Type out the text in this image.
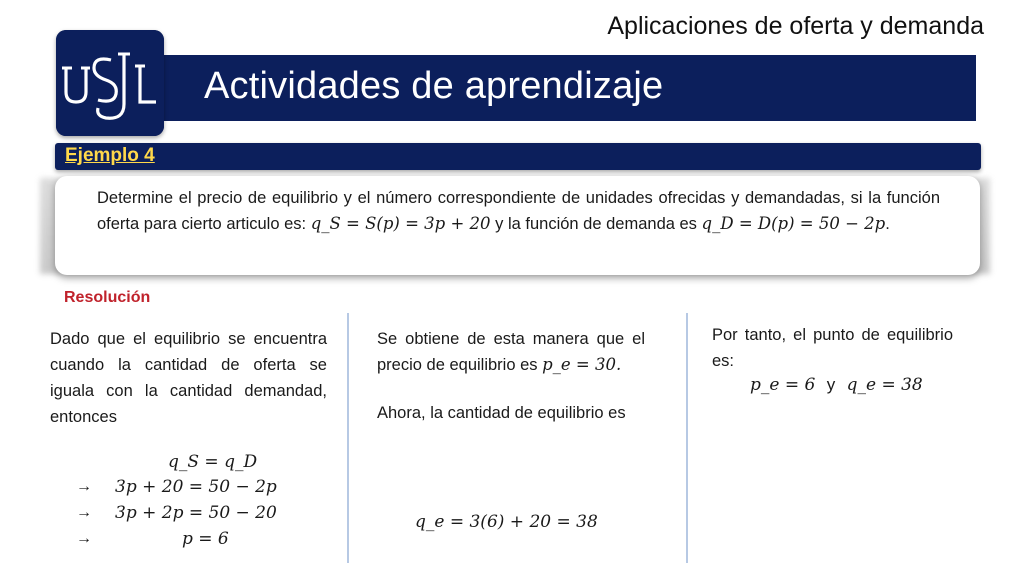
Aplicaciones de oferta y demanda
Actividades de aprendizaje
Ejemplo 4

Determine el precio de equilibrio y el número correspondiente de unidades ofrecidas y demandadas, si la función oferta para cierto articulo es: q_S = S(p) = 3p + 20 y la función de demanda es q_D = D(p) = 50 − 2p.

Resolución

Dado que el equilibrio se encuentra cuando la cantidad de oferta se iguala con la cantidad demandad, entonces

q_S = q_D
→ 3p + 20 = 50 − 2p
→ 3p + 2p = 50 − 20
→	p = 6

Se obtiene de esta manera que el precio de equilibrio es p_e = 30.

Ahora, la cantidad de equilibrio es

q_e = 3(6) + 20 = 38

Por tanto, el punto de equilibrio es:

p_e = 6 y q_e = 38
